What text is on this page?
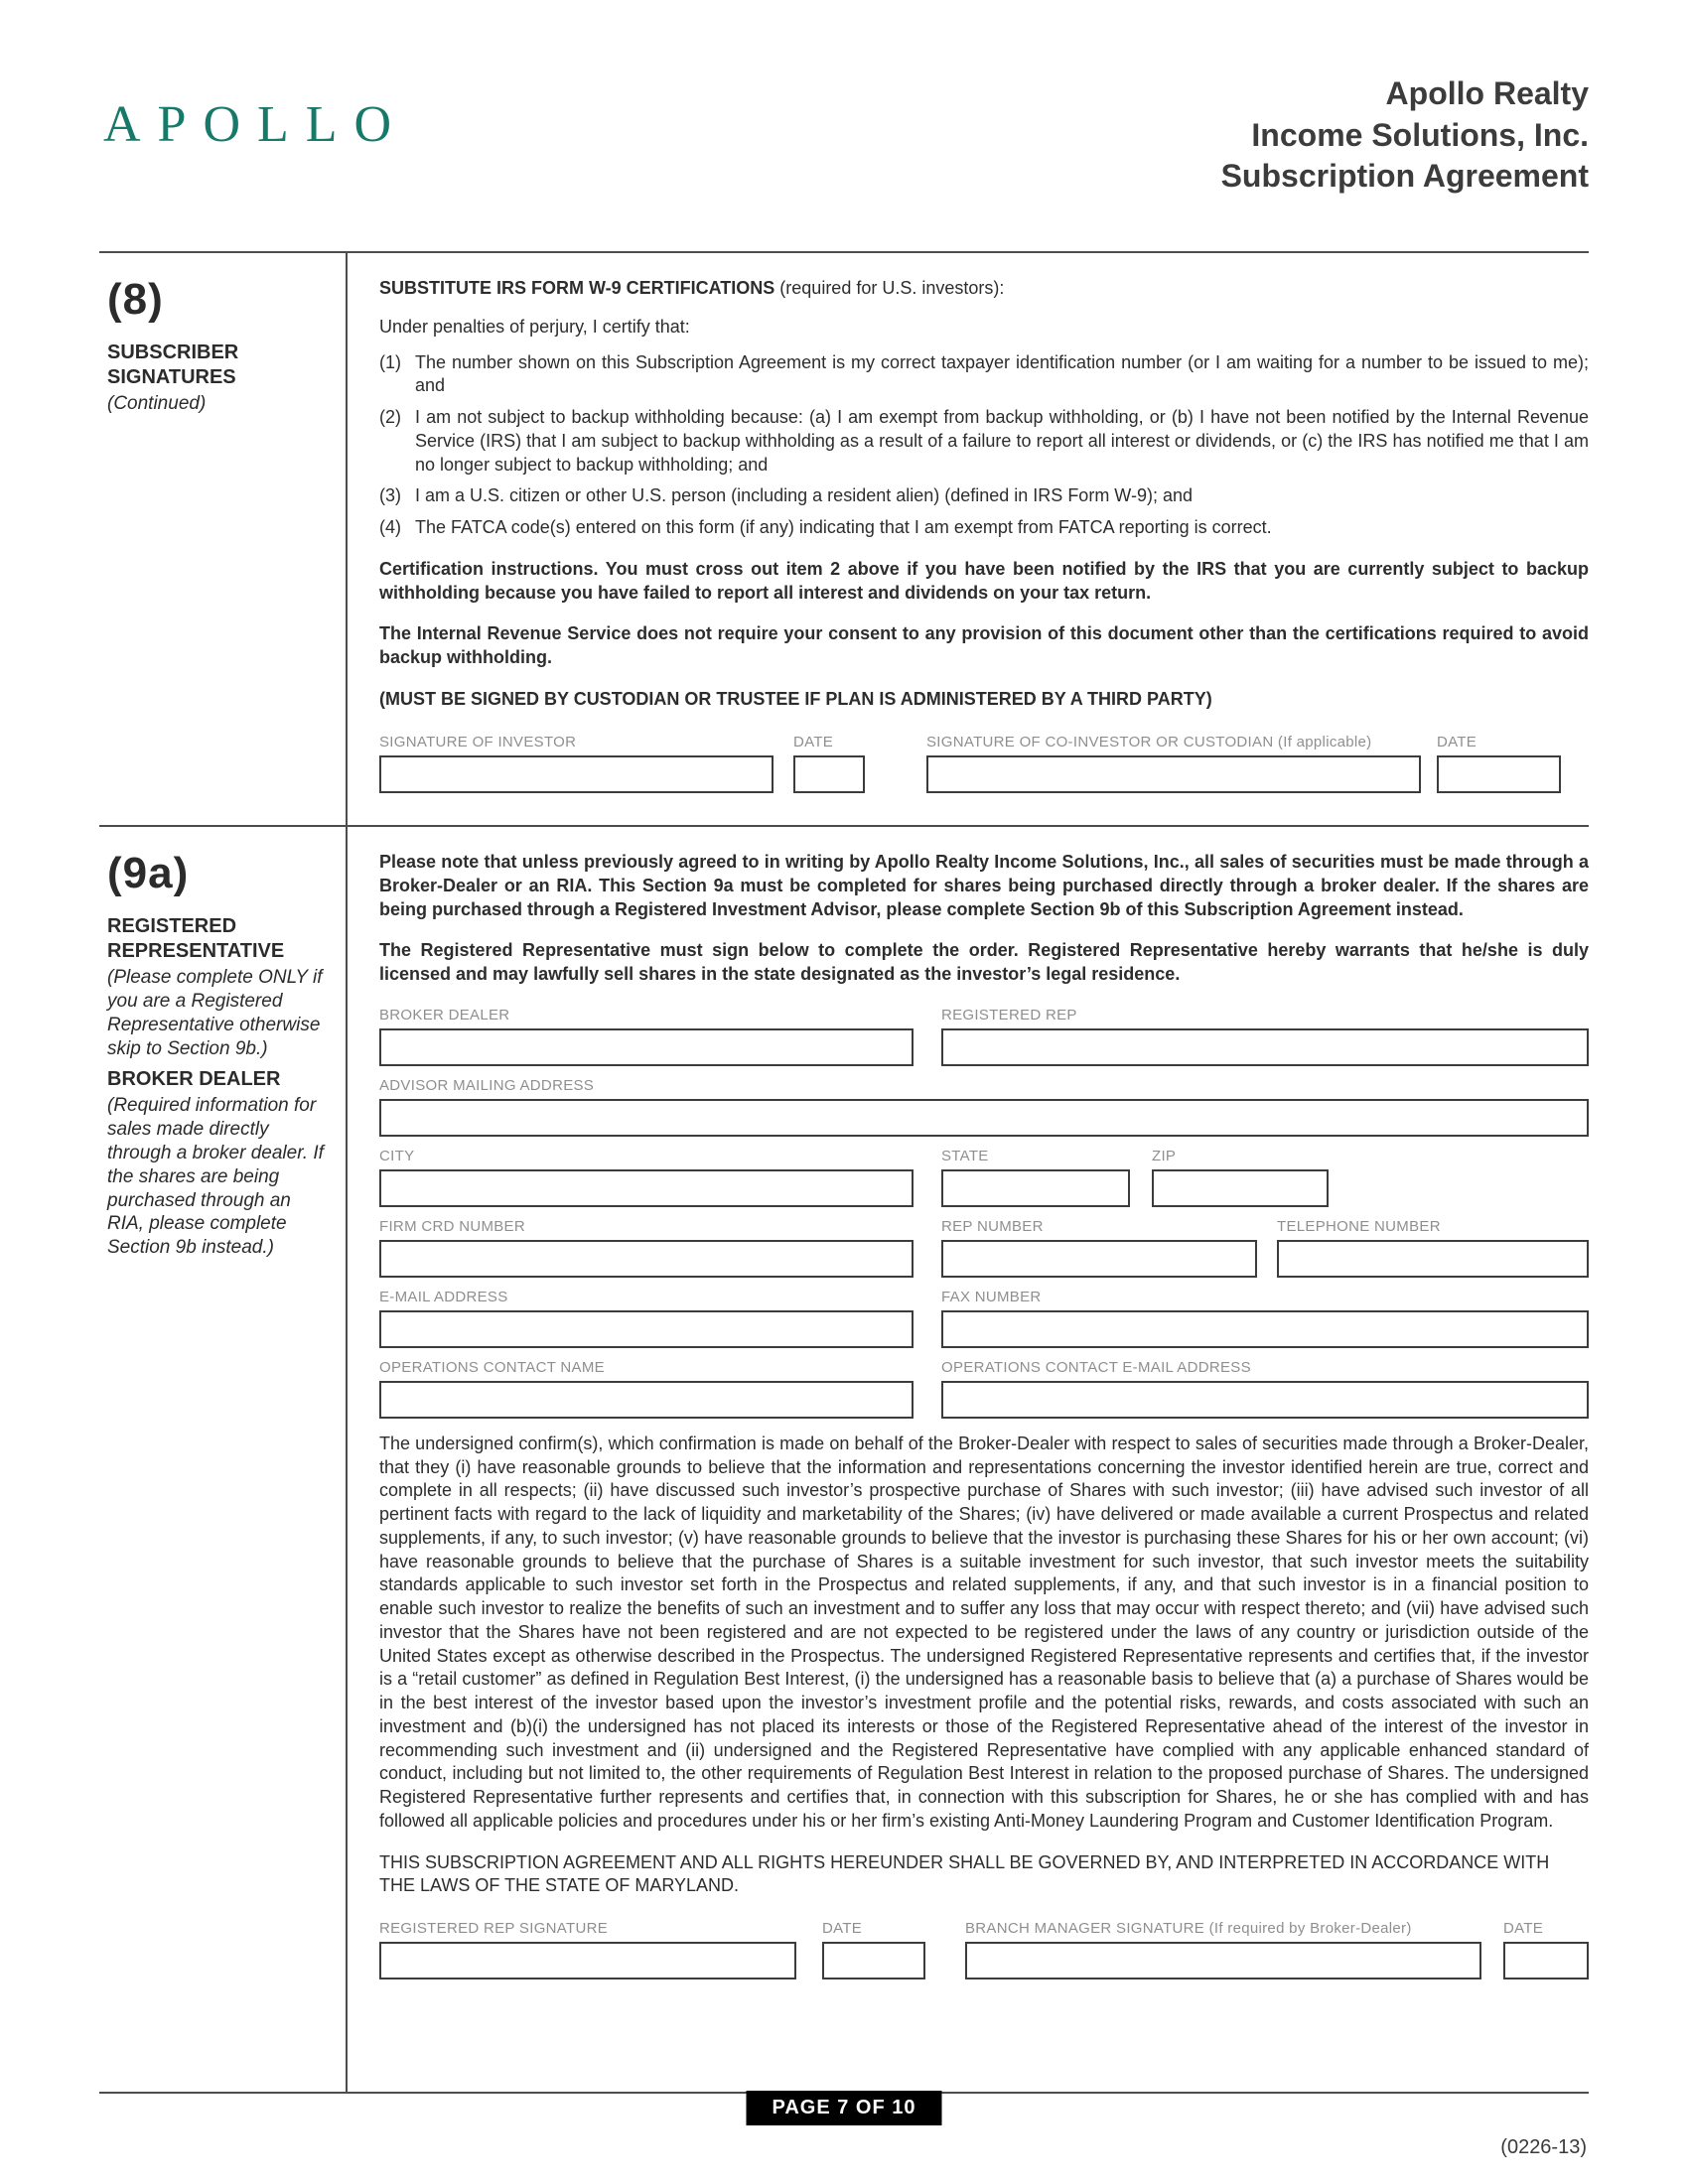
APOLLO
Apollo Realty
Income Solutions, Inc.
Subscription Agreement
(8)
SUBSCRIBER SIGNATURES
(Continued)

SUBSTITUTE IRS FORM W-9 CERTIFICATIONS (required for U.S. investors):

Under penalties of perjury, I certify that:

(1) The number shown on this Subscription Agreement is my correct taxpayer identification number (or I am waiting for a number to be issued to me); and
(2) I am not subject to backup withholding because: (a) I am exempt from backup withholding, or (b) I have not been notified by the Internal Revenue Service (IRS) that I am subject to backup withholding as a result of a failure to report all interest or dividends, or (c) the IRS has notified me that I am no longer subject to backup withholding; and
(3) I am a U.S. citizen or other U.S. person (including a resident alien) (defined in IRS Form W-9); and
(4) The FATCA code(s) entered on this form (if any) indicating that I am exempt from FATCA reporting is correct.

Certification instructions. You must cross out item 2 above if you have been notified by the IRS that you are currently subject to backup withholding because you have failed to report all interest and dividends on your tax return.

The Internal Revenue Service does not require your consent to any provision of this document other than the certifications required to avoid backup withholding.

(MUST BE SIGNED BY CUSTODIAN OR TRUSTEE IF PLAN IS ADMINISTERED BY A THIRD PARTY)

SIGNATURE OF INVESTOR	DATE	SIGNATURE OF CO-INVESTOR OR CUSTODIAN (If applicable)	DATE
(9a)
REGISTERED REPRESENTATIVE
(Please complete ONLY if you are a Registered Representative otherwise skip to Section 9b.)
BROKER DEALER
(Required information for sales made directly through a broker dealer. If the shares are being purchased through an RIA, please complete Section 9b instead.)

Please note that unless previously agreed to in writing by Apollo Realty Income Solutions, Inc., all sales of securities must be made through a Broker-Dealer or an RIA. This Section 9a must be completed for shares being purchased directly through a broker dealer. If the shares are being purchased through a Registered Investment Advisor, please complete Section 9b of this Subscription Agreement instead.

The Registered Representative must sign below to complete the order. Registered Representative hereby warrants that he/she is duly licensed and may lawfully sell shares in the state designated as the investor’s legal residence.

BROKER DEALER	REGISTERED REP
ADVISOR MAILING ADDRESS
CITY	STATE	ZIP
FIRM CRD NUMBER	REP NUMBER	TELEPHONE NUMBER
E-MAIL ADDRESS	FAX NUMBER
OPERATIONS CONTACT NAME	OPERATIONS CONTACT E-MAIL ADDRESS

The undersigned confirm(s), which confirmation is made on behalf of the Broker-Dealer with respect to sales of securities made through a Broker-Dealer, that they (i) have reasonable grounds to believe that the information and representations concerning the investor identified herein are true, correct and complete in all respects; (ii) have discussed such investor’s prospective purchase of Shares with such investor; (iii) have advised such investor of all pertinent facts with regard to the lack of liquidity and marketability of the Shares; (iv) have delivered or made available a current Prospectus and related supplements, if any, to such investor; (v) have reasonable grounds to believe that the investor is purchasing these Shares for his or her own account; (vi) have reasonable grounds to believe that the purchase of Shares is a suitable investment for such investor, that such investor meets the suitability standards applicable to such investor set forth in the Prospectus and related supplements, if any, and that such investor is in a financial position to enable such investor to realize the benefits of such an investment and to suffer any loss that may occur with respect thereto; and (vii) have advised such investor that the Shares have not been registered and are not expected to be registered under the laws of any country or jurisdiction outside of the United States except as otherwise described in the Prospectus. The undersigned Registered Representative represents and certifies that, if the investor is a “retail customer” as defined in Regulation Best Interest, (i) the undersigned has a reasonable basis to believe that (a) a purchase of Shares would be in the best interest of the investor based upon the investor’s investment profile and the potential risks, rewards, and costs associated with such an investment and (b)(i) the undersigned has not placed its interests or those of the Registered Representative ahead of the interest of the investor in recommending such investment and (ii) undersigned and the Registered Representative have complied with any applicable enhanced standard of conduct, including but not limited to, the other requirements of Regulation Best Interest in relation to the proposed purchase of Shares. The undersigned Registered Representative further represents and certifies that, in connection with this subscription for Shares, he or she has complied with and has followed all applicable policies and procedures under his or her firm’s existing Anti-Money Laundering Program and Customer Identification Program.

THIS SUBSCRIPTION AGREEMENT AND ALL RIGHTS HEREUNDER SHALL BE GOVERNED BY, AND INTERPRETED IN ACCORDANCE WITH THE LAWS OF THE STATE OF MARYLAND.

REGISTERED REP SIGNATURE	DATE	BRANCH MANAGER SIGNATURE (If required by Broker-Dealer)	DATE
PAGE 7 OF 10
(0226-13)
